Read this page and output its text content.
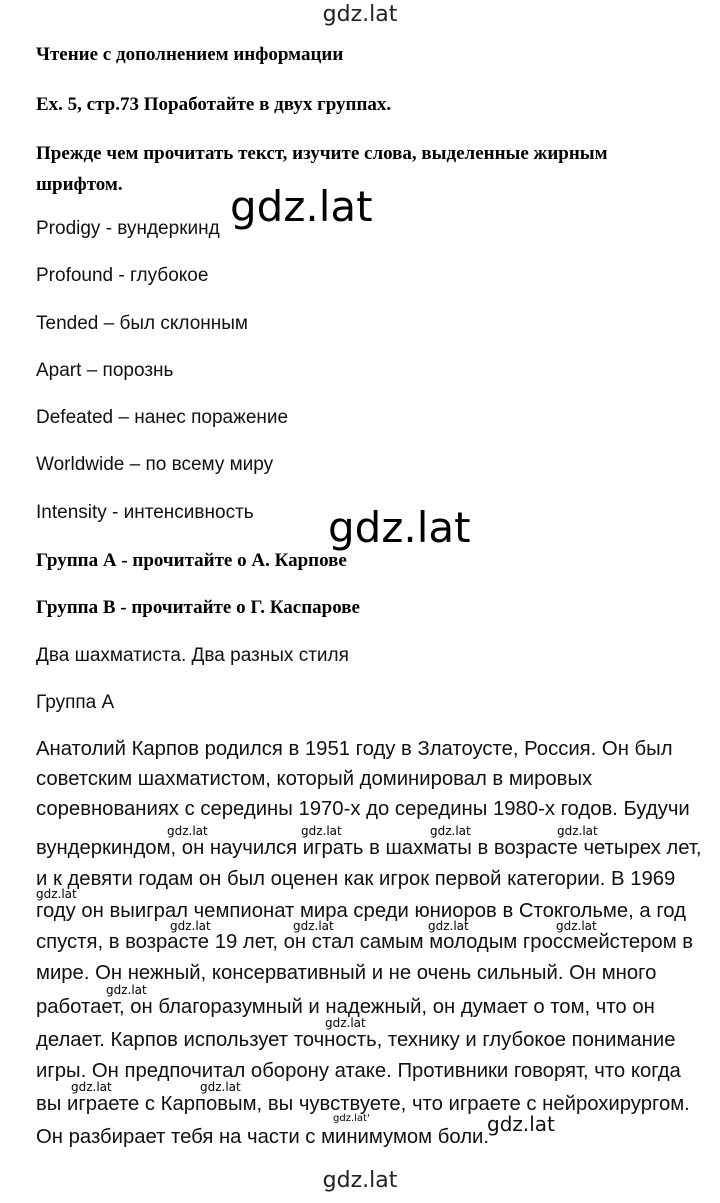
gdz.lat
Чтение с дополнением информации
Ex. 5, стр.73 Поработайте в двух группах.
Прежде чем прочитать текст, изучите слова, выделенные жирным
шрифтом.	gdz.lat
Prodigy - вундеркинд
Profound - глубокое
Tended – был склонным
Apart – порознь
Defeated – нанес поражение
Worldwide – по всему миру
Intensity - интенсивность gdz.lat
Группа А - прочитайте о А. Карпове
Группа В - прочитайте о Г. Каспарове
Два шахматиста. Два разных стиля
Группа А
Анатолий Карпов родился в 1951 году в Златоусте, Россия. Он был
советским шахматистом, который доминировал в мировых
соревнованиях с середины 1970-х до середины 1980-х годов. Будучи
вундеркиндом, он научился играть в шахматы в возрасте четырех лет,
и к девяти годам он был оценен как игрок первой категории. В 1969
году он выиграл чемпионат мира среди юниоров в Стокгольме, а год
спустя, в возрасте 19 лет, он стал самым молодым гроссмейстером в
мире. Он нежный, консервативный и не очень сильный. Он много
работает, он благоразумный и надежный, он думает о том, что он
делает. Карпов использует точность, технику и глубокое понимание
игры. Он предпочитал оборону атаке. Противники говорят, что когда
вы играете с Карповым, вы чувствуете, что играете с нейрохирургом.
Он разбирает тебя на части с минимумом боли.
gdz.lat	gdz.lat	gdz.lat	gdz.lat
gdz.lat
gdz.lat	gdz.lat	gdz.lat	gdz.lat
gdz.lat
gdz.lat
gdz.lat	gdz.lat
gdz.lat'	gdz.lat
gdz.lat
